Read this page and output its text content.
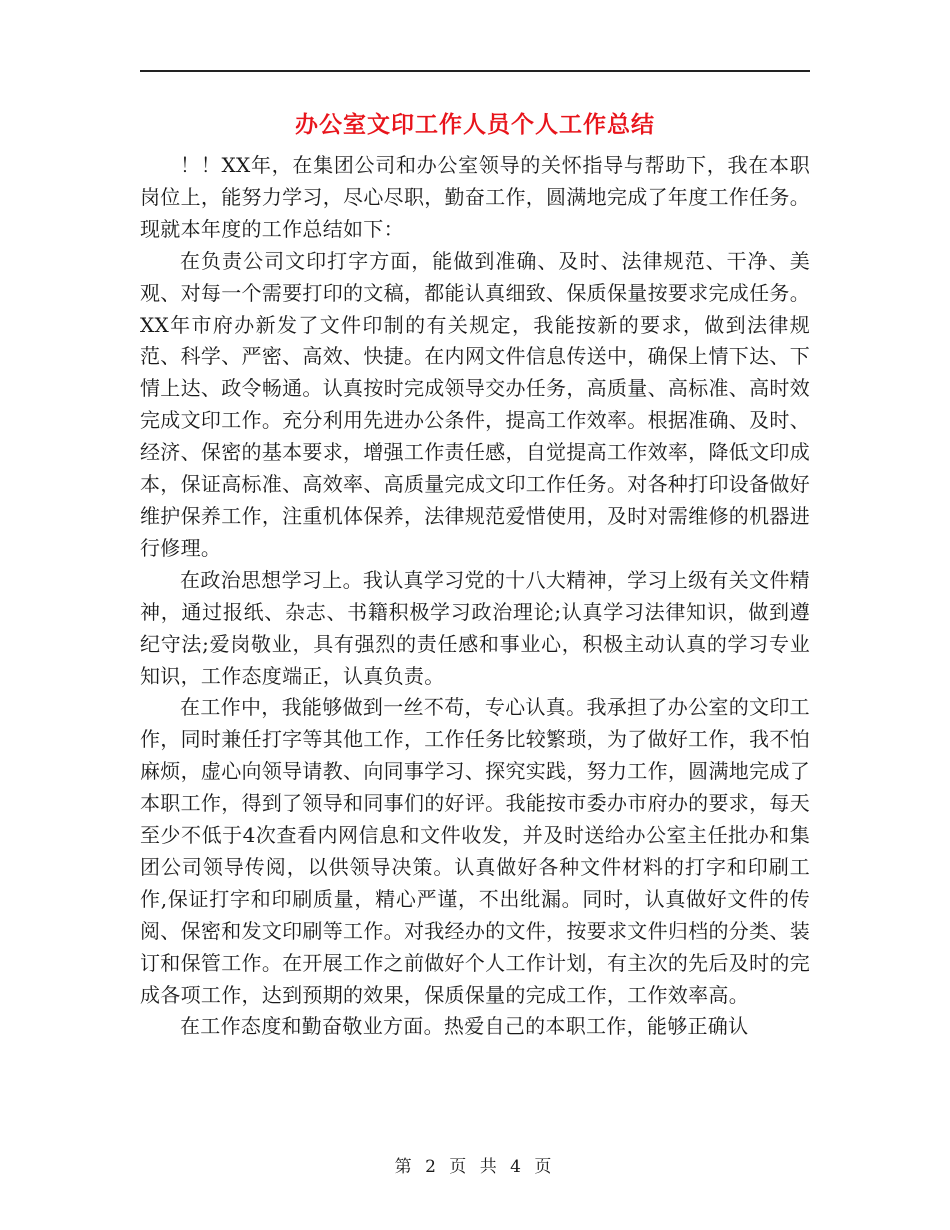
办公室文印工作人员个人工作总结

！！XX年，在集团公司和办公室领导的关怀指导与帮助下，我在本职岗位上，能努力学习，尽心尽职，勤奋工作，圆满地完成了年度工作任务。现就本年度的工作总结如下：

在负责公司文印打字方面，能做到准确、及时、法律规范、干净、美观、对每一个需要打印的文稿，都能认真细致、保质保量按要求完成任务。XX年市府办新发了文件印制的有关规定，我能按新的要求，做到法律规范、科学、严密、高效、快捷。在内网文件信息传送中，确保上情下达、下情上达、政令畅通。认真按时完成领导交办任务，高质量、高标准、高时效完成文印工作。充分利用先进办公条件，提高工作效率。根据准确、及时、经济、保密的基本要求，增强工作责任感，自觉提高工作效率，降低文印成本，保证高标准、高效率、高质量完成文印工作任务。对各种打印设备做好维护保养工作，注重机体保养，法律规范爱惜使用，及时对需维修的机器进行修理。

在政治思想学习上。我认真学习党的十八大精神，学习上级有关文件精神，通过报纸、杂志、书籍积极学习政治理论;认真学习法律知识，做到遵纪守法;爱岗敬业，具有强烈的责任感和事业心，积极主动认真的学习专业知识，工作态度端正，认真负责。

在工作中，我能够做到一丝不苟，专心认真。我承担了办公室的文印工作，同时兼任打字等其他工作，工作任务比较繁琐，为了做好工作，我不怕麻烦，虚心向领导请教、向同事学习、探究实践，努力工作，圆满地完成了本职工作，得到了领导和同事们的好评。我能按市委办市府办的要求，每天至少不低于4次查看内网信息和文件收发，并及时送给办公室主任批办和集团公司领导传阅，以供领导决策。认真做好各种文件材料的打字和印刷工作,保证打字和印刷质量，精心严谨，不出纰漏。同时，认真做好文件的传阅、保密和发文印刷等工作。对我经办的文件，按要求文件归档的分类、装订和保管工作。在开展工作之前做好个人工作计划，有主次的先后及时的完成各项工作，达到预期的效果，保质保量的完成工作，工作效率高。

在工作态度和勤奋敬业方面。热爱自己的本职工作，能够正确认

第 2 页 共 4 页
